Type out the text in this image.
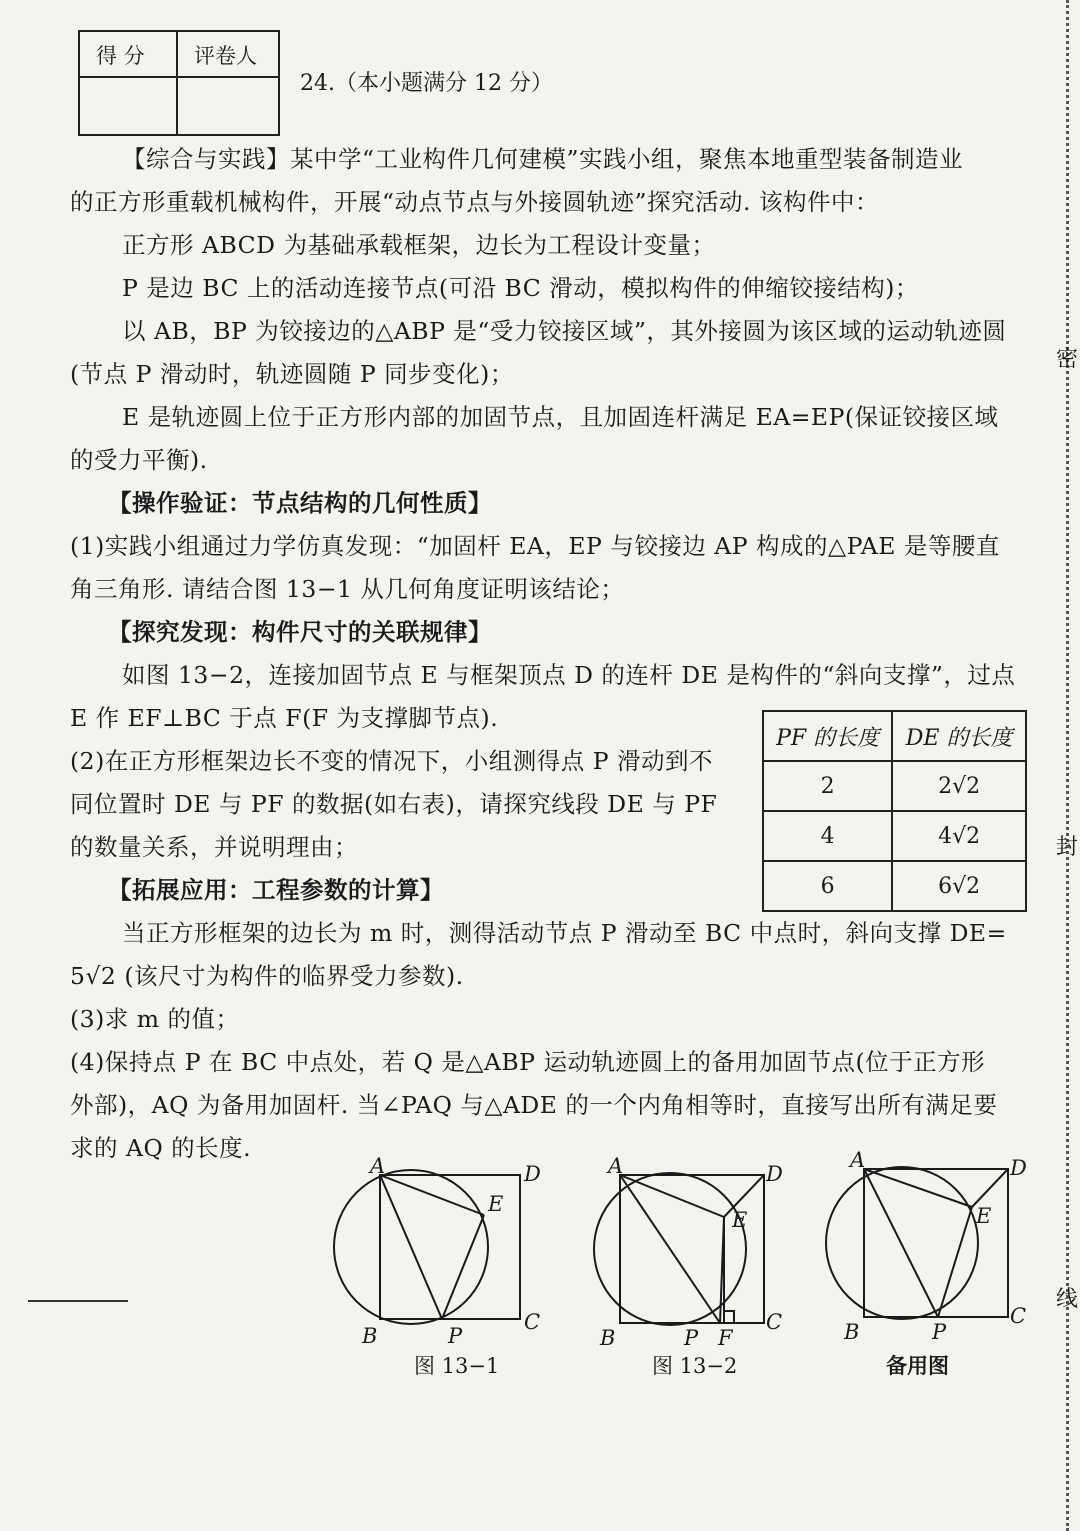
得 分 评卷人
24.（本小题满分 12 分）

【综合与实践】某中学“工业构件几何建模”实践小组，聚焦本地重型装备制造业

的正方形重载机械构件，开展“动点节点与外接圆轨迹”探究活动. 该构件中：

正方形 ABCD 为基础承载框架，边长为工程设计变量；

P 是边 BC 上的活动连接节点(可沿 BC 滑动，模拟构件的伸缩铰接结构)；

以 AB，BP 为铰接边的△ABP 是“受力铰接区域”，其外接圆为该区域的运动轨迹圆

(节点 P 滑动时，轨迹圆随 P 同步变化)；

E 是轨迹圆上位于正方形内部的加固节点，且加固连杆满足 EA=EP(保证铰接区域

的受力平衡).

【操作验证：节点结构的几何性质】

(1)实践小组通过力学仿真发现：“加固杆 EA，EP 与铰接边 AP 构成的△PAE 是等腰直

角三角形. 请结合图 13−1 从几何角度证明该结论；

【探究发现：构件尺寸的关联规律】

如图 13−2，连接加固节点 E 与框架顶点 D 的连杆 DE 是构件的“斜向支撑”，过点

E 作 EF⊥BC 于点 F(F 为支撑脚节点).

(2)在正方形框架边长不变的情况下，小组测得点 P 滑动到不

同位置时 DE 与 PF 的数据(如右表)，请探究线段 DE 与 PF

的数量关系，并说明理由；

【拓展应用：工程参数的计算】

PF 的长度	DE 的长度
2	2√2
4	4√2
6	6√2

当正方形框架的边长为 m 时，测得活动节点 P 滑动至 BC 中点时，斜向支撑 DE=

5√2 (该尺寸为构件的临界受力参数).

(3)求 m 的值；

(4)保持点 P 在 BC 中点处，若 Q 是△ABP 运动轨迹圆上的备用加固节点(位于正方形

外部)，AQ 为备用加固杆. 当∠PAQ 与△ADE 的一个内角相等时，直接写出所有满足要

求的 AQ 的长度.

A	D
E
B	P
C
图 13−1
A	D
E
B	P F
C
图 13−2
A	D
E
B	P
C
备用图
密
封
线
